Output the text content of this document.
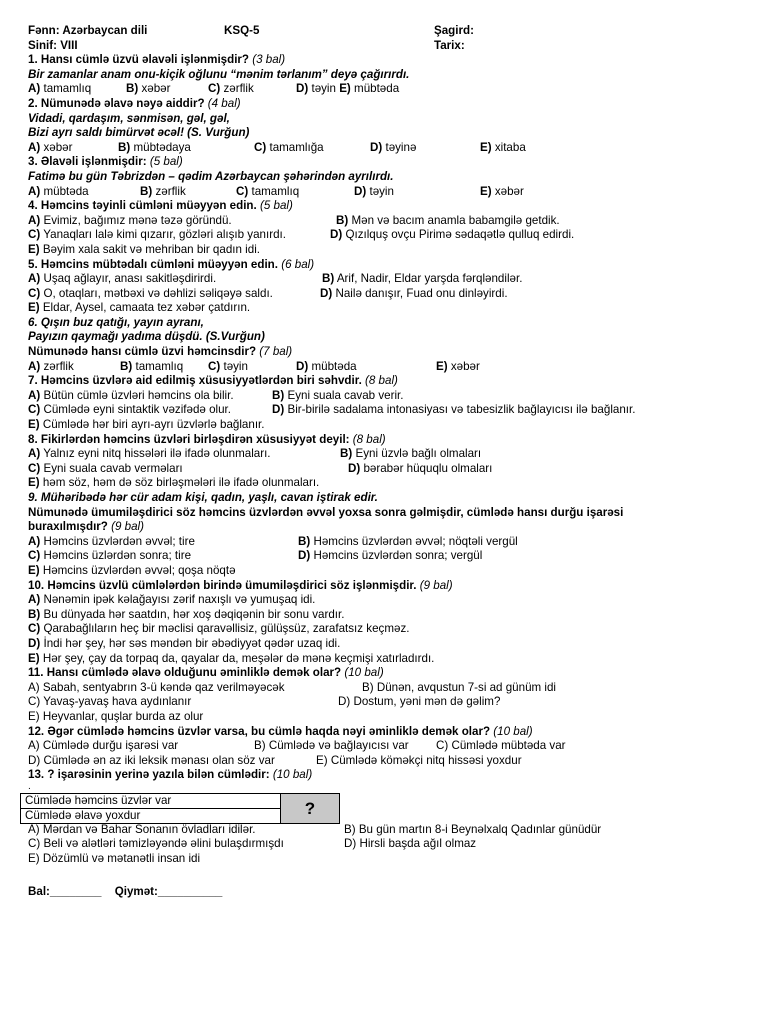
Fənn: Azərbaycan dili	KSQ-5	Şagird:
Sinif: VIII	Tarix:
1. Hansı cümlə üzvü əlavəli işlənmişdir? (3 bal)
Bir zamanlar anam onu-kiçik oğlunu “mənim tərlanım” deyə çağırırdı.
A) tamamlıq	B) xəbər	C) zərflik	D) təyin E) mübtəda
2. Nümunədə əlavə nəyə aiddir? (4 bal)
Vidadi, qardaşım, sənmisən, gəl, gəl,
Bizi ayrı saldı bimürvət əcəl! (S. Vurğun)
A) xəbər	B) mübtədaya	C) tamamlığa	D) təyinə	E) xitaba
3. Əlavəli işlənmişdir: (5 bal)
Fatimə bu gün Təbrizdən – qədim Azərbaycan şəhərindən ayrılırdı.
A) mübtəda	B) zərflik	C) tamamlıq	D) təyin	E) xəbər
4. Həmcins təyinli cümləni müəyyən edin. (5 bal)
A) Evimiz, bağımız mənə təzə göründü.	B) Mən və bacım anamla babamgilə getdik.
C) Yanaqları lalə kimi qızarır, gözləri alışıb yanırdı.	D) Qızılquş ovçu Pirimə sədaqətlə qulluq edirdi.
E) Bəyim xala sakit və mehriban bir qadın idi.
5. Həmcins mübtədalı cümləni müəyyən edin. (6 bal)
A) Uşaq ağlayır, anası sakitləşdirirdi.	B) Arif, Nadir, Eldar yarşda fərqləndilər.
C) O, otaqları, mətbəxi və dəhlizi səliqəyə saldı.	D) Nailə danışır, Fuad onu dinləyirdi.
E) Eldar, Aysel, camaata tez xəbər çatdırın.
6. Qışın buz qatığı, yayın ayranı,
Payızın qaymağı yadıma düşdü. (S.Vurğun)
Nümunədə hansı cümlə üzvi həmcinsdir? (7 bal)
A) zərflik	B) tamamlıq C) təyin	D) mübtəda	E) xəbər
7. Həmcins üzvlərə aid edilmiş xüsusiyyətlərdən biri səhvdir. (8 bal)
A) Bütün cümlə üzvləri həmcins ola bilir.	B) Eyni suala cavab verir.
C) Cümlədə eyni sintaktik vəzifədə olur.	D) Bir-birilə sadalama intonasiyası və tabesizlik bağlayıcısı ilə bağlanır.
E) Cümlədə hər biri ayrı-ayrı üzvlərlə bağlanır.
8. Fikirlərdən həmcins üzvləri birləşdirən xüsusiyyət deyil: (8 bal)
A) Yalnız eyni nitq hissələri ilə ifadə olunmaları.	B) Eyni üzvlə bağlı olmaları
C) Eyni suala cavab verməları	D) bərabər hüquqlu olmaları
E) həm söz, həm də söz birləşmələri ilə ifadə olunmaları.
9. Mühəribədə hər cür adam kişi, qadın, yaşlı, cavan iştirak edir.
Nümunədə ümumiləşdirici söz həmcins üzvlərdən əvvəl yoxsa sonra gəlmişdir, cümlədə hansı durğu işarəsi
buraxılmışdır? (9 bal)
A) Həmcins üzvlərdən əvvəl; tire	B) Həmcins üzvlərdən əvvəl; nöqtəli vergül
C) Həmcins üzlərdən sonra; tire	D) Həmcins üzvlərdən sonra; vergül
E) Həmcins üzvlərdən əvvəl; qoşa nöqtə
10. Həmcins üzvlü cümlələrdən birində ümumiləşdirici söz işlənmişdir. (9 bal)
A) Nənəmin ipək kəlağayısı zərif naxışlı və yumuşaq idi.
B) Bu dünyada hər saatdın, hər xoş dəqiqənin bir sonu vardır.
C) Qarabağlıların heç bir məclisi qaravəllisiz, gülüşsüz, zarafatsız keçməz.
D) İndi hər şey, hər səs məndən bir əbədiyyət qədər uzaq idi.
E) Hər şey, çay da torpaq da, qayalar da, meşələr də mənə keçmişi xatırladırdı.
11. Hansı cümlədə əlavə olduğunu əminliklə demək olar? (10 bal)
A) Sabah, sentyabrın 3-ü kəndə qaz verilməyəcək	B) Dünən, avqustun 7-si ad günüm idi
C) Yavaş-yavaş hava aydınlanır	D) Dostum, yəni mən də gəlim?
E) Heyvanlar, quşlar burda az olur
12. Əgər cümlədə həmcins üzvlər varsa, bu cümlə haqda nəyi əminliklə demək olar? (10 bal)
A) Cümlədə durğu işarəsi var	B) Cümlədə və bağlayıcısı var C) Cümlədə mübtəda var
D) Cümlədə ən az iki leksik mənası olan söz var	E) Cümlədə köməkçi nitq hissəsi yoxdur
13. ? işarəsinin yerinə yazıla bilən cümlədir: (10 bal)
.
Cümlədə həmcins üzvlər var
Cümlədə əlavə yoxdur	?
A) Mərdan və Bahar Sonanın övladları idilər.	B) Bu gün martın 8-i Beynəlxalq Qadınlar günüdür
C) Beli və alətləri təmizləyəndə əlini bulaşdırmışdı	D) Hirsli başda ağıl olmaz
E) Dözümlü və mətanətli insan idi
Bal:________ Qiymət:__________
